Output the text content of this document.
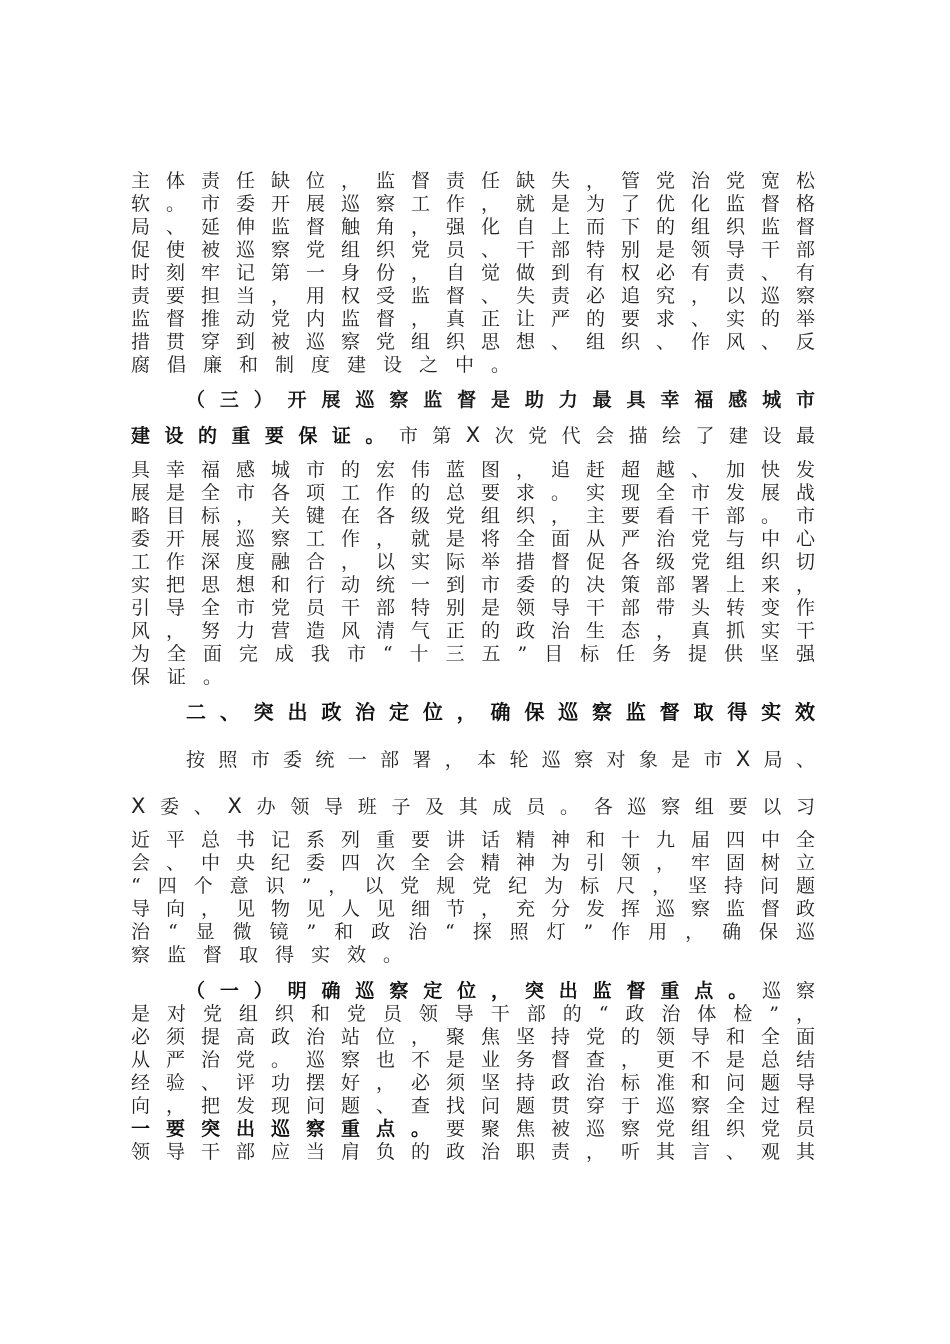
主体责任缺位，监督责任缺失，管党治党宽松
软。市委开展巡察工作，就是为了优化监督格
局、延伸监督触角，强化自上而下的组织监督
促使被巡察党组织党员、干部特别是领导干部
时刻牢记第一身份，自觉做到有权必有责、有
责要担当，用权受监督、失责必追究，以巡察
监督推动党内监督，真正让严的要求、实的举
措贯穿到被巡察党组织思想、组织、作风、反
腐倡廉和制度建设之中。
（三）开展巡察监督是助力最具幸福感城市
建设的重要保证。市第X次党代会描绘了建设最
具幸福感城市的宏伟蓝图，追赶超越、加快发
展是全市各项工作的总要求。实现全市发展战
略目标，关键在各级党组织，主要看干部。市
委开展巡察工作，就是将全面从严治党与中心
工作深度融合，以实际举措督促各级党组织切
实把思想和行动统一到市委的决策部署上来，
引导全市党员干部特别是领导干部带头转变作
风，努力营造风清气正的政治生态，真抓实干
为全面完成我市“十三五”目标任务提供坚强
保证。
二、突出政治定位，确保巡察监督取得实效
按照市委统一部署，本轮巡察对象是市X局、
X委、X办领导班子及其成员。各巡察组要以习
近平总书记系列重要讲话精神和十九届四中全
会、中央纪委四次全会精神为引领，牢固树立
“四个意识”，以党规党纪为标尺，坚持问题
导向，见物见人见细节，充分发挥巡察监督政
治“显微镜”和政治“探照灯”作用，确保巡
察监督取得实效。
（一）明确巡察定位，突出监督重点。巡察
是对党组织和党员领导干部的“政治体检”，
必须提高政治站位，聚焦坚持党的领导和全面
从严治党。巡察也不是业务督查，更不是总结
经验、评功摆好，必须坚持政治标准和问题导
向，把发现问题、查找问题贯穿于巡察全过程
一要突出巡察重点。要聚焦被巡察党组织党员
领导干部应当肩负的政治职责，听其言、观其
